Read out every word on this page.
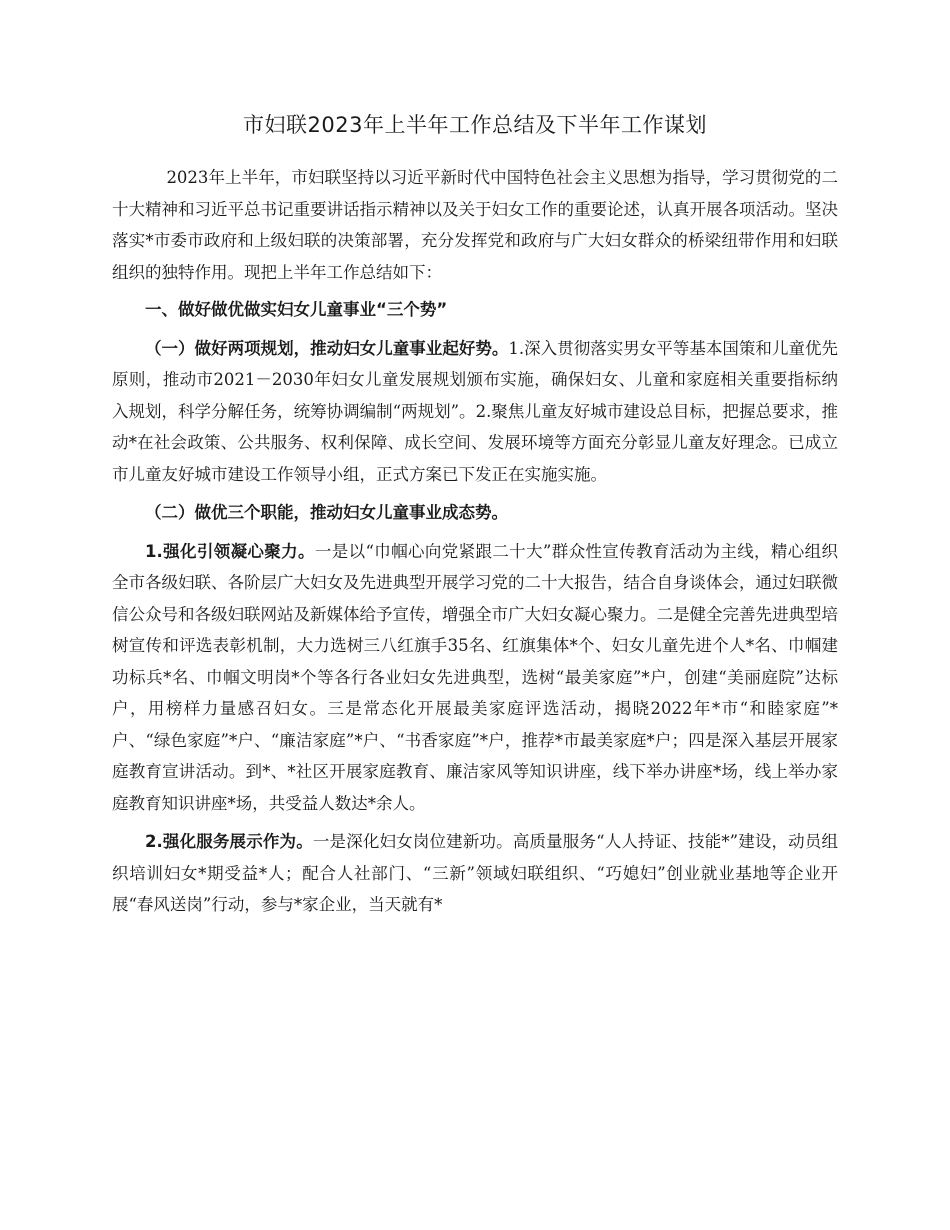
市妇联2023年上半年工作总结及下半年工作谋划

2023年上半年，市妇联坚持以习近平新时代中国特色社会主义思想为指导，学习贯彻党的二十大精神和习近平总书记重要讲话指示精神以及关于妇女工作的重要论述，认真开展各项活动。坚决落实*市委市政府和上级妇联的决策部署，充分发挥党和政府与广大妇女群众的桥梁纽带作用和妇联组织的独特作用。现把上半年工作总结如下：

一、做好做优做实妇女儿童事业“三个势”

（一）做好两项规划，推动妇女儿童事业起好势。1.深入贯彻落实男女平等基本国策和儿童优先原则，推动市2021－2030年妇女儿童发展规划颁布实施，确保妇女、儿童和家庭相关重要指标纳入规划，科学分解任务，统筹协调编制“两规划”。2.聚焦儿童友好城市建设总目标，把握总要求，推动*在社会政策、公共服务、权利保障、成长空间、发展环境等方面充分彰显儿童友好理念。已成立市儿童友好城市建设工作领导小组，正式方案已下发正在实施实施。

（二）做优三个职能，推动妇女儿童事业成态势。

1.强化引领凝心聚力。一是以“巾帼心向党紧跟二十大”群众性宣传教育活动为主线，精心组织全市各级妇联、各阶层广大妇女及先进典型开展学习党的二十大报告，结合自身谈体会，通过妇联微信公众号和各级妇联网站及新媒体给予宣传，增强全市广大妇女凝心聚力。二是健全完善先进典型培树宣传和评选表彰机制，大力选树三八红旗手35名、红旗集体*个、妇女儿童先进个人*名、巾帼建功标兵*名、巾帼文明岗*个等各行各业妇女先进典型，选树“最美家庭”*户，创建“美丽庭院”达标户，用榜样力量感召妇女。三是常态化开展最美家庭评选活动，揭晓2022年*市“和睦家庭”*户、“绿色家庭”*户、“廉洁家庭”*户、“书香家庭”*户，推荐*市最美家庭*户；四是深入基层开展家庭教育宣讲活动。到*、*社区开展家庭教育、廉洁家风等知识讲座，线下举办讲座*场，线上举办家庭教育知识讲座*场，共受益人数达*余人。

2.强化服务展示作为。一是深化妇女岗位建新功。高质量服务“人人持证、技能*”建设，动员组织培训妇女*期受益*人；配合人社部门、“三新”领域妇联组织、“巧媳妇”创业就业基地等企业开展“春风送岗”行动，参与*家企业，当天就有*
